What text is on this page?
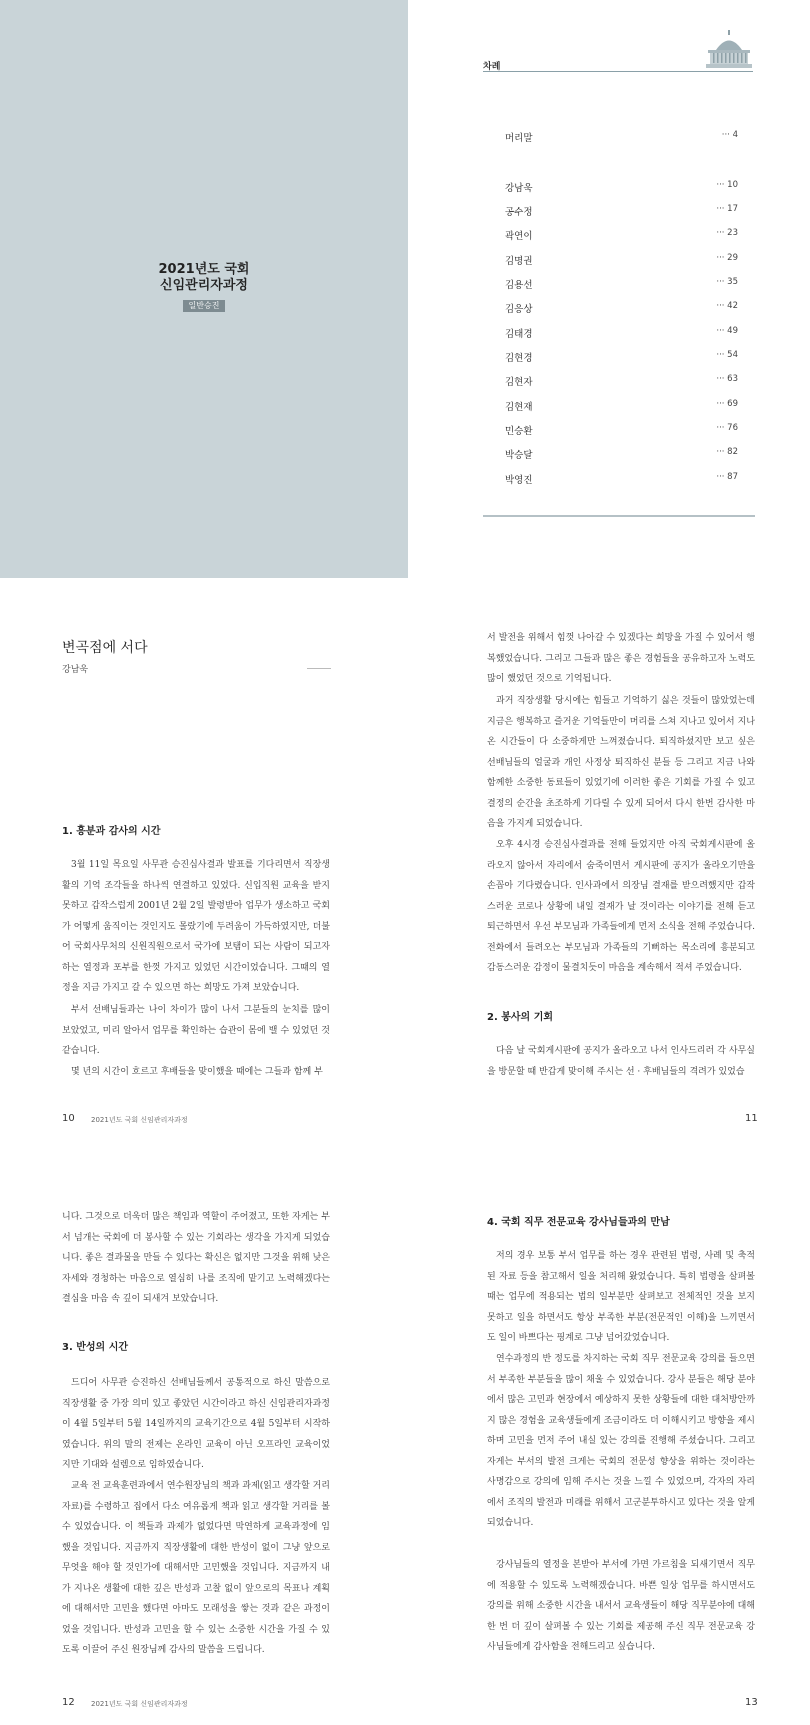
2021년도 국회
신임관리자과정
일반승진
차례
머리말	··· 4
강남욱	··· 10
공수정	··· 17
곽연이	··· 23
김명권	··· 29
김용선	··· 35
김응상	··· 42
김태경	··· 49
김현경	··· 54
김현자	··· 63
김현재	··· 69
민승환	··· 76
박승달	··· 82
박영진	··· 87
변곡점에 서다
강남욱
1. 흥분과 감사의 시간

3월 11일 목요일 사무관 승진심사결과 발표를 기다리면서 직장생활의 기억 조각들을 하나씩 연결하고 있었다. 신입직원 교육을 받지 못하고 갑작스럽게 2001년 2월 2일 발령받아 업무가 생소하고 국회가 어떻게 움직이는 것인지도 몰랐기에 두려움이 가득하였지만, 더불어 국회사무처의 신원직원으로서 국가에 보탬이 되는 사람이 되고자 하는 열정과 포부를 한껏 가지고 있었던 시간이었습니다. 그때의 열정을 지금 가지고 갈 수 있으면 하는 희망도 가져 보았습니다.

부서 선배님들과는 나이 차이가 많이 나서 그분들의 눈치를 많이 보았었고, 미리 알아서 업무를 확인하는 습관이 몸에 밸 수 있었던 것 같습니다.

몇 년의 시간이 흐르고 후배들을 맞이했을 때에는 그들과 함께 부

10 2021년도 국회 신임관리자과정

서 발전을 위해서 힘껏 나아갈 수 있겠다는 희망을 가질 수 있어서 행복했었습니다. 그리고 그들과 많은 좋은 경험들을 공유하고자 노력도 많이 했었던 것으로 기억됩니다.

과거 직장생활 당시에는 힘들고 기억하기 싫은 것들이 많았었는데 지금은 행복하고 즐거운 기억들만이 머리를 스쳐 지나고 있어서 지나온 시간들이 다 소중하게만 느껴졌습니다. 퇴직하셨지만 보고 싶은 선배님들의 얼굴과 개인 사정상 퇴직하신 분들 등 그리고 지금 나와 함께한 소중한 동료들이 있었기에 이러한 좋은 기회를 가질 수 있고 결정의 순간을 초조하게 기다릴 수 있게 되어서 다시 한번 감사한 마음을 가지게 되었습니다.

오후 4시경 승진심사결과를 전해 들었지만 아직 국회게시판에 올라오지 않아서 자리에서 숨죽이면서 게시판에 공지가 올라오기만을 손꼽아 기다렸습니다. 인사과에서 의장님 결재를 받으려했지만 갑작스러운 코로나 상황에 내일 결재가 날 것이라는 이야기를 전해 듣고 퇴근하면서 우선 부모님과 가족들에게 먼저 소식을 전해 주었습니다. 전화에서 들려오는 부모님과 가족들의 기뻐하는 목소리에 흥분되고 감동스러운 감정이 물결치듯이 마음을 계속해서 적셔 주었습니다.

2. 봉사의 기회

다음 날 국회게시판에 공지가 올라오고 나서 인사드리러 각 사무실을 방문할 때 반갑게 맞이해 주시는 선 · 후배님들의 격려가 있었습

11

니다. 그것으로 더욱더 많은 책임과 역할이 주어졌고, 또한 자게는 부서 넘개는 국회에 더 봉사할 수 있는 기회라는 생각을 가지게 되었습니다. 좋은 결과물을 만들 수 있다는 확신은 없지만 그것을 위해 낮은 자세와 경청하는 마음으로 열심히 나를 조직에 맡기고 노력해겠다는 결심을 마음 속 깊이 되새겨 보았습니다.

3. 반성의 시간

드디어 사무관 승진하신 선배님들께서 공통적으로 하신 말씀으로 직장생활 중 가장 의미 있고 좋았던 시간이라고 하신 신임관리자과정이 4월 5일부터 5월 14일까지의 교육기간으로 4월 5일부터 시작하였습니다. 위의 말의 전제는 온라인 교육이 아닌 오프라인 교육이었지만 기대와 설렘으로 임하였습니다.

교육 전 교육훈련과에서 연수원장님의 책과 과제(읽고 생각할 거리 자료)를 수령하고 집에서 다소 여유롭게 책과 읽고 생각할 거리를 볼 수 있었습니다. 이 책들과 과제가 없었다면 막연하게 교육과정에 임했을 것입니다. 지금까지 직장생활에 대한 반성이 없이 그냥 앞으로 무엇을 해야 할 것인가에 대해서만 고민했을 것입니다. 지금까지 내가 지나온 생활에 대한 깊은 반성과 고찰 없이 앞으로의 목표나 계획에 대해서만 고민을 했다면 아마도 모래성을 쌓는 것과 같은 과정이었을 것입니다. 반성과 고민을 할 수 있는 소중한 시간을 가질 수 있도록 이끌어 주신 원장님께 감사의 말씀을 드립니다.

12 2021년도 국회 신임관리자과정
4. 국회 직무 전문교육 강사님들과의 만남

저의 경우 보통 부서 업무를 하는 경우 관련된 법령, 사례 및 축적된 자료 등을 참고해서 일을 처리해 왔었습니다. 특히 법령을 살펴볼 때는 업무에 적용되는 법의 일부분만 살펴보고 전체적인 것을 보지 못하고 일을 하면서도 항상 부족한 부분(전문적인 이해)을 느끼면서도 일이 바쁘다는 핑계로 그냥 넘어갔었습니다.

연수과정의 반 정도를 차지하는 국회 직무 전문교육 강의를 들으면서 부족한 부분들을 많이 채울 수 있었습니다. 강사 분들은 해당 분야에서 많은 고민과 현장에서 예상하지 못한 상황들에 대한 대처방안까지 많은 경험을 교육생들에게 조금이라도 더 이해시키고 방향을 제시하며 고민을 먼저 주어 내실 있는 강의를 진행해 주셨습니다. 그리고 자게는 부서의 발전 크게는 국회의 전문성 향상을 위하는 것이라는 사명감으로 강의에 임해 주시는 것을 느낄 수 있었으며, 각자의 자리에서 조직의 발전과 미래를 위해서 고군분투하시고 있다는 것을 알게 되었습니다.

강사님들의 열정을 본받아 부서에 가면 가르침을 되새기면서 직무에 적용할 수 있도록 노력해겠습니다. 바쁜 일상 업무를 하시면서도 강의를 위해 소중한 시간을 내서서 교육생들이 해당 직무분야에 대해 한 번 더 깊이 살펴볼 수 있는 기회를 제공해 주신 직무 전문교육 강사님들에게 감사함을 전해드리고 싶습니다.

13
